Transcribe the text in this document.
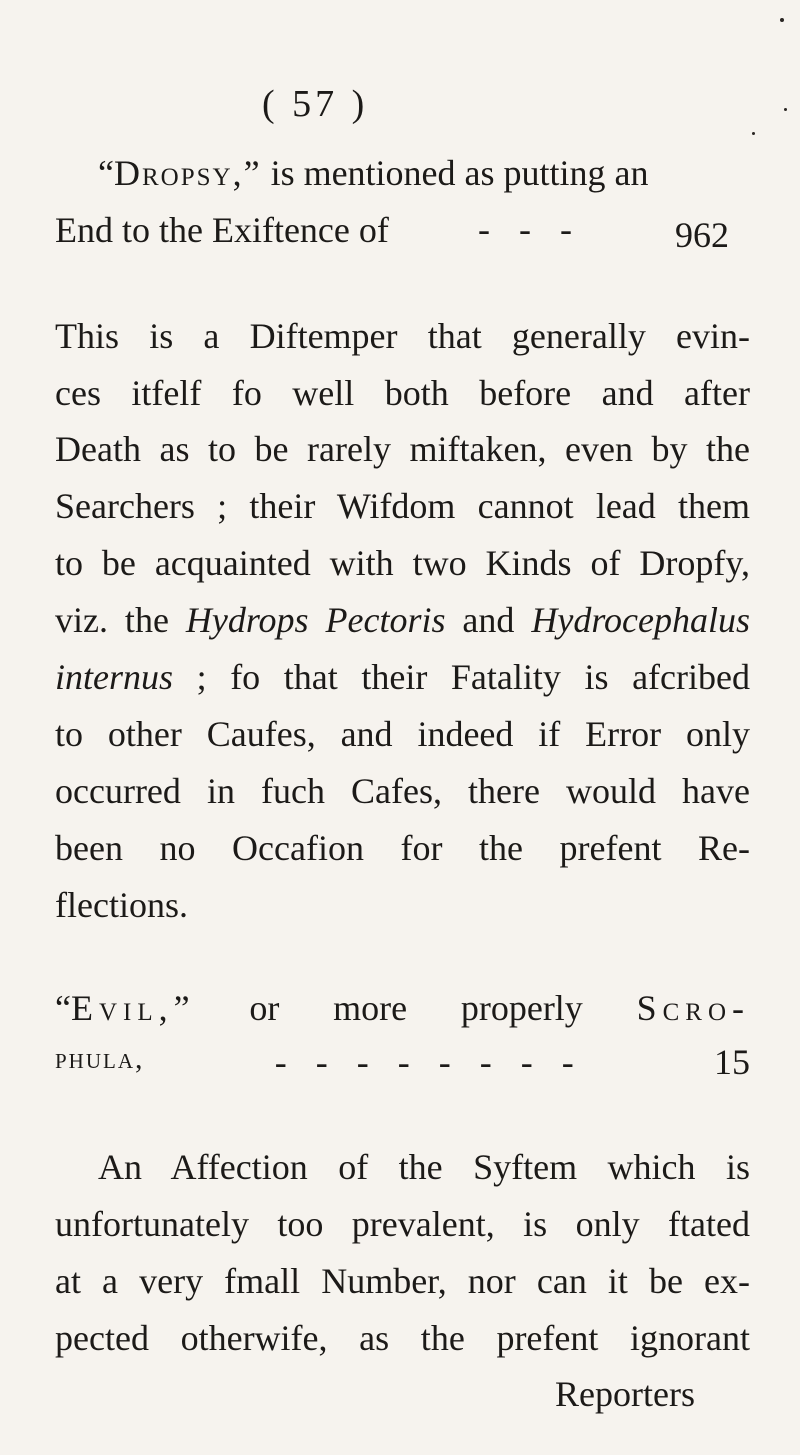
( 57 )
“Dropsy,” is mentioned as putting an
End to the Exiftence of - - -	962
This is a Diftemper that generally evin-
ces itfelf fo well both before and after
Death as to be rarely miftaken, even by the
Searchers ; their Wifdom cannot lead them
to be acquainted with two Kinds of Dropfy,
viz. the Hydrops Pectoris and Hydrocephalus
internus ; fo that their Fatality is afcribed
to other Caufes, and indeed if Error only
occurred in fuch Cafes, there would have
been no Occafion for the prefent Re-
flections.
“Evil,” or more properly Scro-
phula,	- - - - - - - -	15
An Affection of the Syftem which is
unfortunately too prevalent, is only ftated
at a very fmall Number, nor can it be ex-
pected otherwife, as the prefent ignorant
Reporters
